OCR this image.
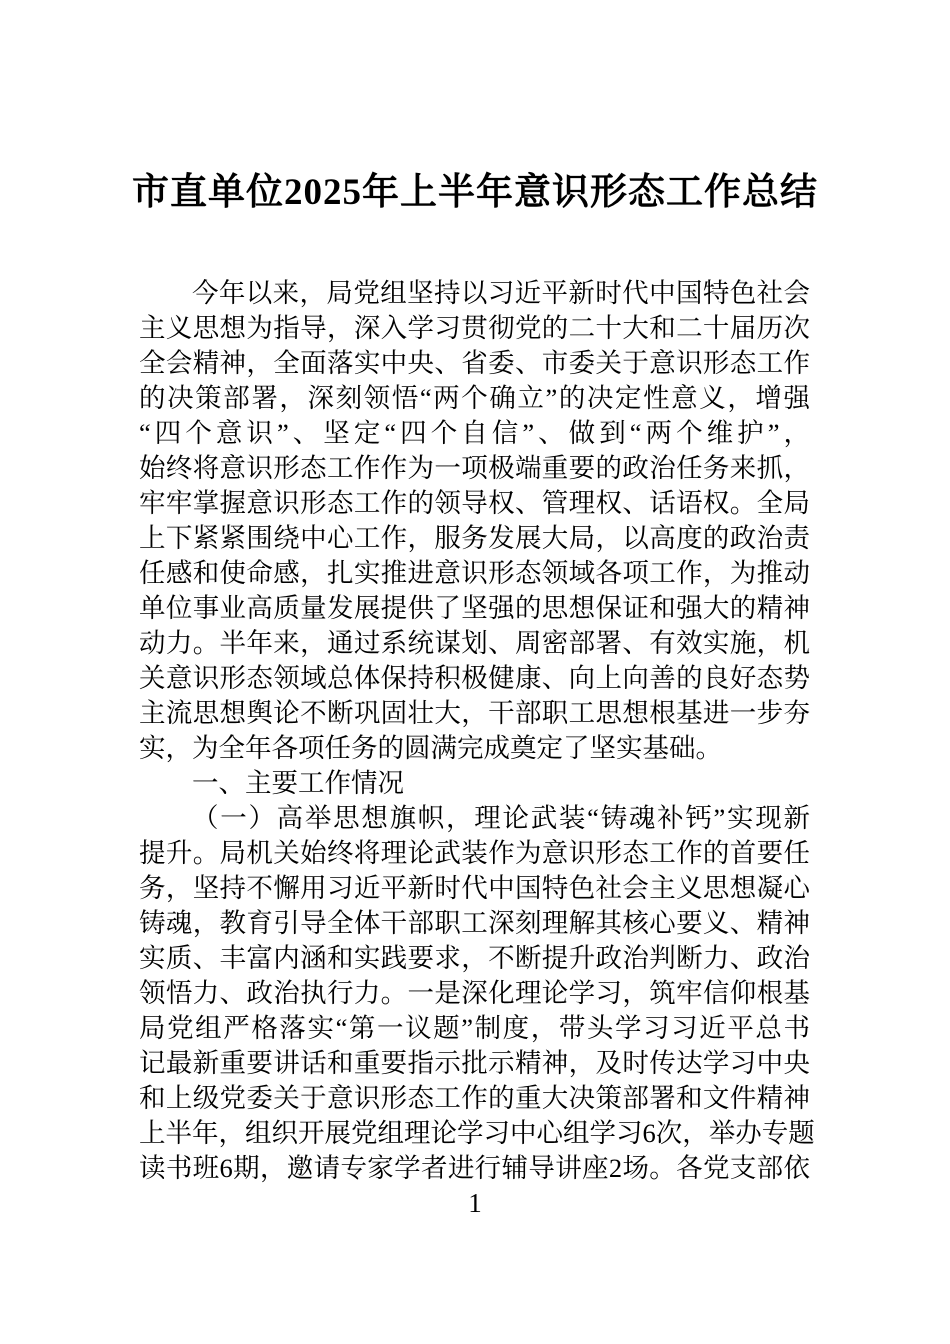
市直单位2025年上半年意识形态工作总结
今年以来，局党组坚持以习近平新时代中国特色社会
主义思想为指导，深入学习贯彻党的二十大和二十届历次
全会精神，全面落实中央、省委、市委关于意识形态工作
的决策部署，深刻领悟“两个确立”的决定性意义，增强
“四个意识”、坚定“四个自信”、做到“两个维护”，
始终将意识形态工作作为一项极端重要的政治任务来抓，
牢牢掌握意识形态工作的领导权、管理权、话语权。全局
上下紧紧围绕中心工作，服务发展大局，以高度的政治责
任感和使命感，扎实推进意识形态领域各项工作，为推动
单位事业高质量发展提供了坚强的思想保证和强大的精神
动力。半年来，通过系统谋划、周密部署、有效实施，机
关意识形态领域总体保持积极健康、向上向善的良好态势
主流思想舆论不断巩固壮大，干部职工思想根基进一步夯
实，为全年各项任务的圆满完成奠定了坚实基础。
一、主要工作情况
（一）高举思想旗帜，理论武装“铸魂补钙”实现新
提升。局机关始终将理论武装作为意识形态工作的首要任
务，坚持不懈用习近平新时代中国特色社会主义思想凝心
铸魂，教育引导全体干部职工深刻理解其核心要义、精神
实质、丰富内涵和实践要求，不断提升政治判断力、政治
领悟力、政治执行力。一是深化理论学习，筑牢信仰根基
局党组严格落实“第一议题”制度，带头学习习近平总书
记最新重要讲话和重要指示批示精神，及时传达学习中央
和上级党委关于意识形态工作的重大决策部署和文件精神
上半年，组织开展党组理论学习中心组学习6次，举办专题
读书班6期，邀请专家学者进行辅导讲座2场。各党支部依
1
